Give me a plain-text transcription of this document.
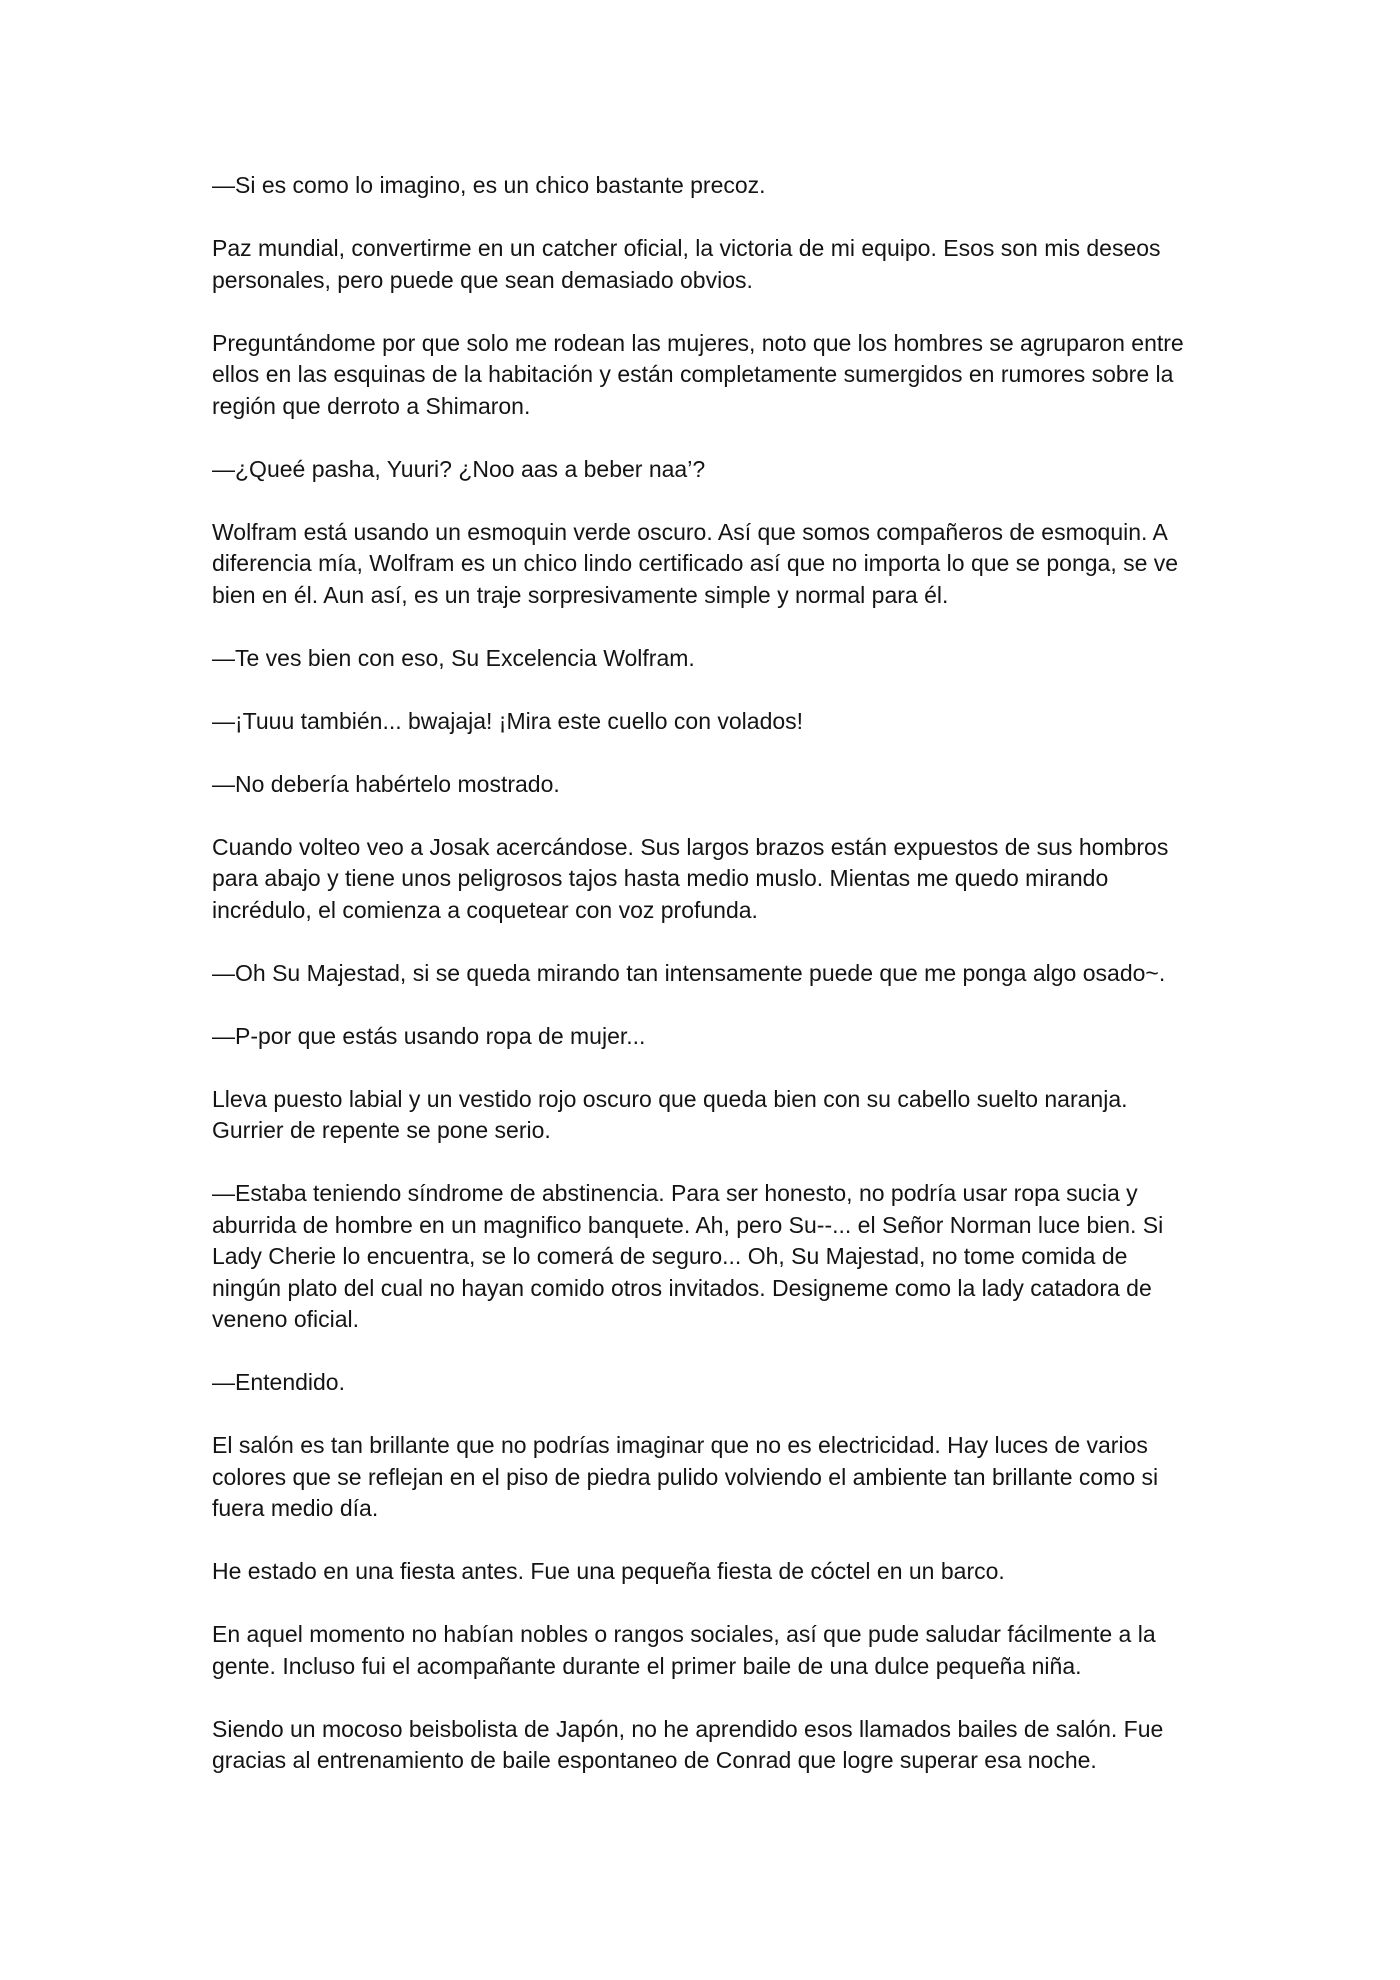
—Si es como lo imagino, es un chico bastante precoz.

Paz mundial, convertirme en un catcher oficial, la victoria de mi equipo. Esos son mis deseos personales, pero puede que sean demasiado obvios.

Preguntándome por que solo me rodean las mujeres, noto que los hombres se agruparon entre ellos en las esquinas de la habitación y están completamente sumergidos en rumores sobre la región que derroto a Shimaron.

—¿Queé pasha, Yuuri? ¿Noo aas a beber naa’?

Wolfram está usando un esmoquin verde oscuro. Así que somos compañeros de esmoquin. A diferencia mía, Wolfram es un chico lindo certificado así que no importa lo que se ponga, se ve bien en él. Aun así, es un traje sorpresivamente simple y normal para él.

—Te ves bien con eso, Su Excelencia Wolfram.

—¡Tuuu también... bwajaja! ¡Mira este cuello con volados!

—No debería habértelo mostrado.

Cuando volteo veo a Josak acercándose. Sus largos brazos están expuestos de sus hombros para abajo y tiene unos peligrosos tajos hasta medio muslo. Mientas me quedo mirando incrédulo, el comienza a coquetear con voz profunda.

—Oh Su Majestad, si se queda mirando tan intensamente puede que me ponga algo osado~.

—P-por que estás usando ropa de mujer...

Lleva puesto labial y un vestido rojo oscuro que queda bien con su cabello suelto naranja. Gurrier de repente se pone serio.

—Estaba teniendo síndrome de abstinencia. Para ser honesto, no podría usar ropa sucia y aburrida de hombre en un magnifico banquete. Ah, pero Su--... el Señor Norman luce bien. Si Lady Cherie lo encuentra, se lo comerá de seguro... Oh, Su Majestad, no tome comida de ningún plato del cual no hayan comido otros invitados. Designeme como la lady catadora de veneno oficial.

—Entendido.

El salón es tan brillante que no podrías imaginar que no es electricidad. Hay luces de varios colores que se reflejan en el piso de piedra pulido volviendo el ambiente tan brillante como si fuera medio día.

He estado en una fiesta antes. Fue una pequeña fiesta de cóctel en un barco.

En aquel momento no habían nobles o rangos sociales, así que pude saludar fácilmente a la gente. Incluso fui el acompañante durante el primer baile de una dulce pequeña niña.

Siendo un mocoso beisbolista de Japón, no he aprendido esos llamados bailes de salón. Fue gracias al entrenamiento de baile espontaneo de Conrad que logre superar esa noche.
